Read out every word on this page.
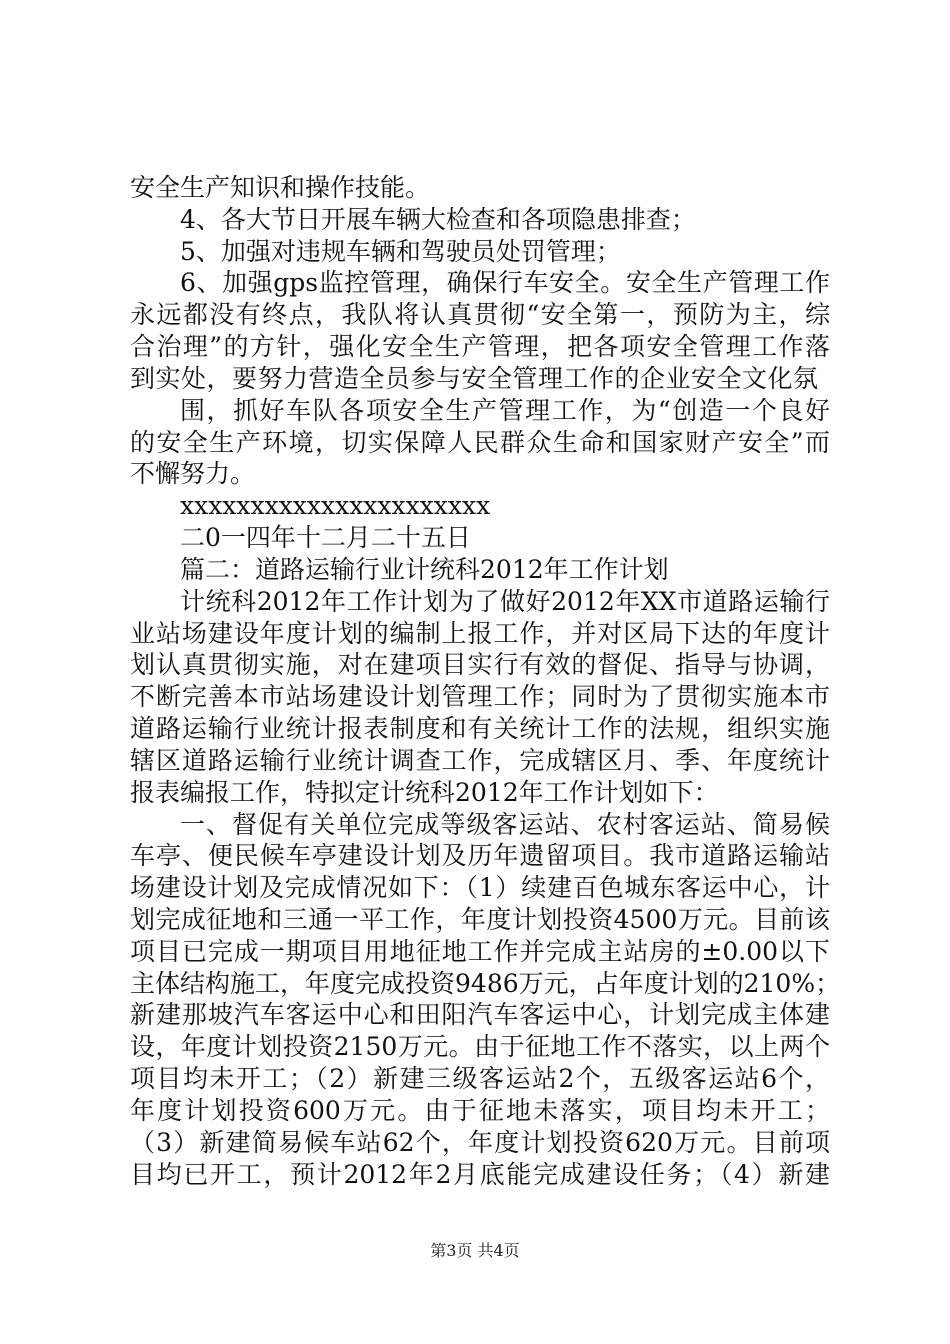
安全生产知识和操作技能。
4、各大节日开展车辆大检查和各项隐患排查；
5、加强对违规车辆和驾驶员处罚管理；
6、加强gps监控管理，确保行车安全。安全生产管理工作
永远都没有终点，我队将认真贯彻“安全第一，预防为主，综
合治理”的方针，强化安全生产管理，把各项安全管理工作落
到实处，要努力营造全员参与安全管理工作的企业安全文化氛
围，抓好车队各项安全生产管理工作，为“创造一个良好
的安全生产环境，切实保障人民群众生命和国家财产安全”而
不懈努力。
xxxxxxxxxxxxxxxxxxxxxx
二0一四年十二月二十五日
篇二：道路运输行业计统科2012年工作计划
计统科2012年工作计划为了做好2012年XX市道路运输行
业站场建设年度计划的编制上报工作，并对区局下达的年度计
划认真贯彻实施，对在建项目实行有效的督促、指导与协调，
不断完善本市站场建设计划管理工作；同时为了贯彻实施本市
道路运输行业统计报表制度和有关统计工作的法规，组织实施
辖区道路运输行业统计调查工作，完成辖区月、季、年度统计
报表编报工作，特拟定计统科2012年工作计划如下：
一、督促有关单位完成等级客运站、农村客运站、简易候
车亭、便民候车亭建设计划及历年遗留项目。我市道路运输站
场建设计划及完成情况如下：（1）续建百色城东客运中心，计
划完成征地和三通一平工作，年度计划投资4500万元。目前该
项目已完成一期项目用地征地工作并完成主站房的±0.00以下
主体结构施工，年度完成投资9486万元，占年度计划的210%；
新建那坡汽车客运中心和田阳汽车客运中心，计划完成主体建
设，年度计划投资2150万元。由于征地工作不落实，以上两个
项目均未开工；（2）新建三级客运站2个，五级客运站6个，
年度计划投资600万元。由于征地未落实，项目均未开工；
（3）新建简易候车站62个，年度计划投资620万元。目前项
目均已开工，预计2012年2月底能完成建设任务；（4）新建
第3页 共4页
